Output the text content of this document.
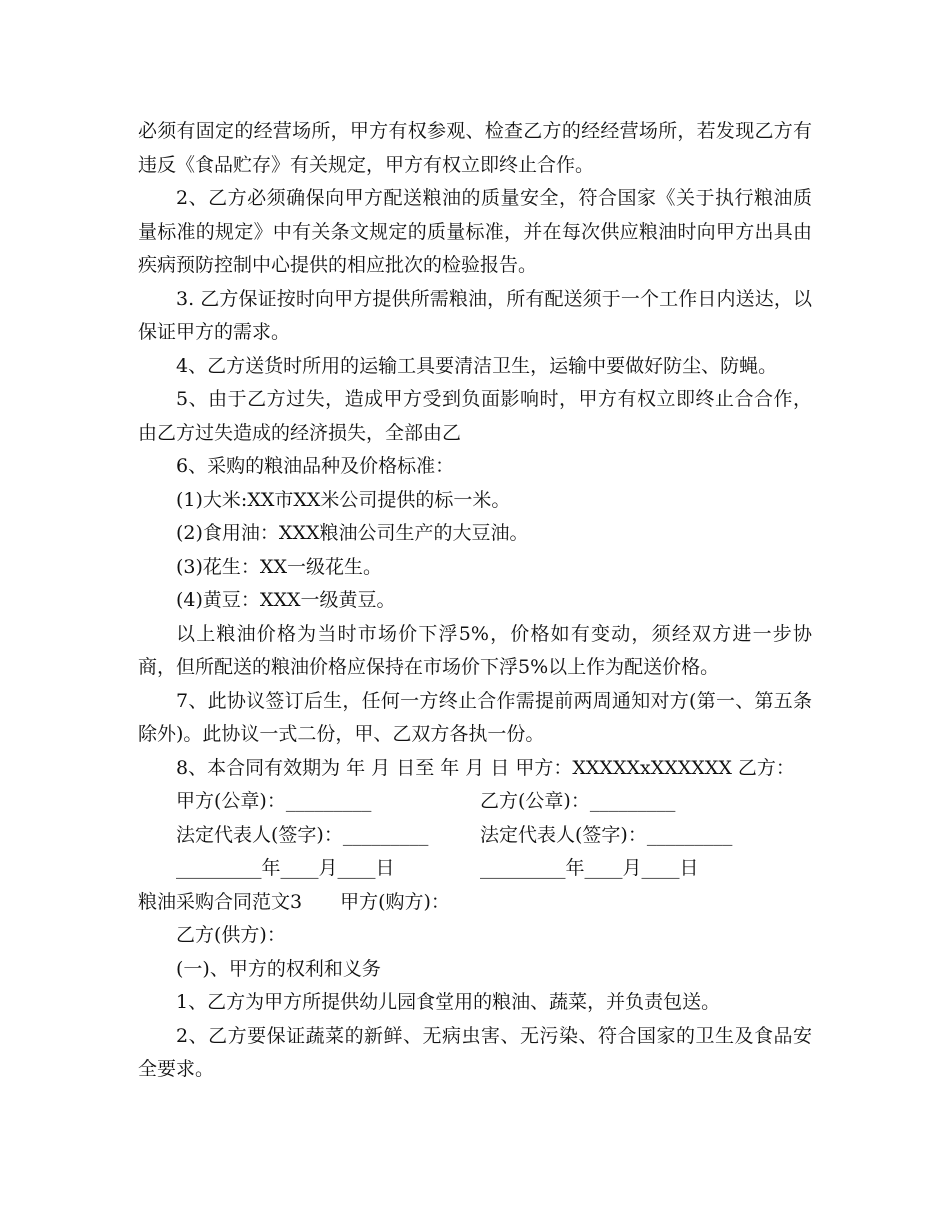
必须有固定的经营场所，甲方有权参观、检查乙方的经经营场所，若发现乙方有违反《食品贮存》有关规定，甲方有权立即终止合作。

2、乙方必须确保向甲方配送粮油的质量安全，符合国家《关于执行粮油质量标准的规定》中有关条文规定的质量标准，并在每次供应粮油时向甲方出具由疾病预防控制中心提供的相应批次的检验报告。

3. 乙方保证按时向甲方提供所需粮油，所有配送须于一个工作日内送达，以保证甲方的需求。

4、乙方送货时所用的运输工具要清洁卫生，运输中要做好防尘、防蝇。

5、由于乙方过失，造成甲方受到负面影响时，甲方有权立即终止合合作，由乙方过失造成的经济损失，全部由乙

6、采购的粮油品种及价格标准：

(1)大米:XX市XX米公司提供的标一米。

(2)食用油：XXX粮油公司生产的大豆油。

(3)花生：XX一级花生。

(4)黄豆：XXX一级黄豆。

以上粮油价格为当时市场价下浮5%，价格如有变动，须经双方进一步协商，但所配送的粮油价格应保持在市场价下浮5%以上作为配送价格。

7、此协议签订后生，任何一方终止合作需提前两周通知对方(第一、第五条除外)。此协议一式二份，甲、乙双方各执一份。

8、本合同有效期为 年 月 日至 年 月 日 甲方：XXXXXxXXXXXX 乙方：

甲方(公章)：_________	乙方(公章)：_________
法定代表人(签字)：_________	法定代表人(签字)：_________
_________年____月____日	_________年____月____日

粮油采购合同范文3 甲方(购方)：

乙方(供方)：

(一)、甲方的权利和义务

1、乙方为甲方所提供幼儿园食堂用的粮油、蔬菜，并负责包送。

2、乙方要保证蔬菜的新鲜、无病虫害、无污染、符合国家的卫生及食品安全要求。
